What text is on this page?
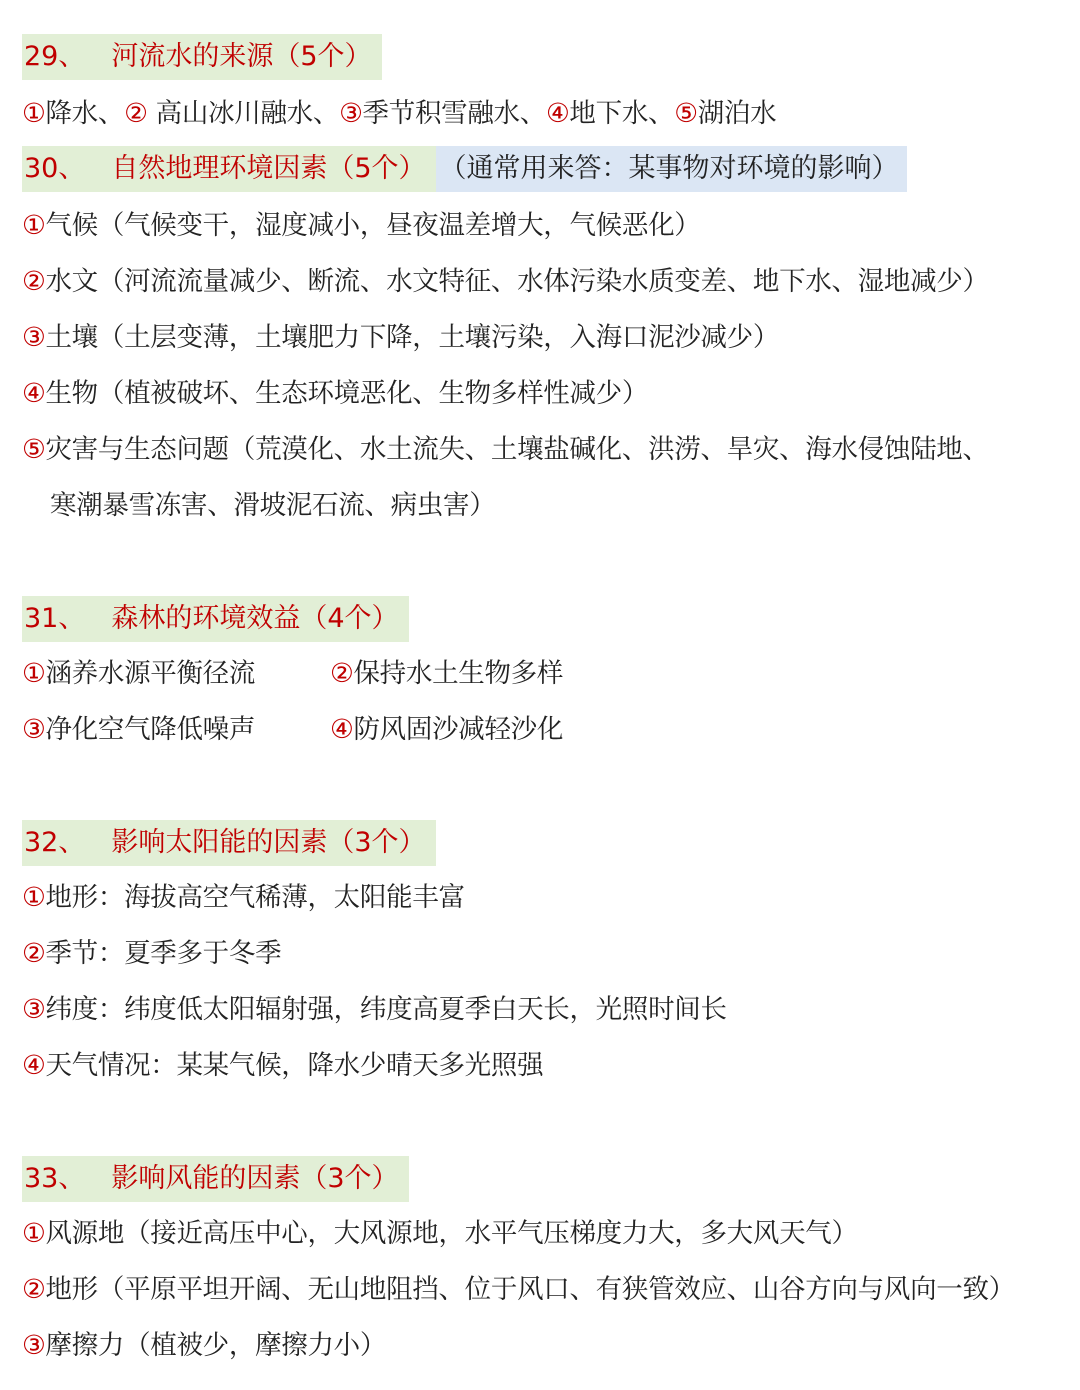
29、 河流水的来源（5个）
①降水、② 高山冰川融水、③季节积雪融水、④地下水、⑤湖泊水
30、 自然地理环境因素（5个） （通常用来答：某事物对环境的影响）
①气候（气候变干，湿度减小，昼夜温差增大，气候恶化）
②水文（河流流量减少、断流、水文特征、水体污染水质变差、地下水、湿地减少）
③土壤（土层变薄，土壤肥力下降，土壤污染，入海口泥沙减少）
④生物（植被破坏、生态环境恶化、生物多样性减少）
⑤灾害与生态问题（荒漠化、水土流失、土壤盐碱化、洪涝、旱灾、海水侵蚀陆地、
寒潮暴雪冻害、滑坡泥石流、病虫害）
31、 森林的环境效益（4个）
①涵养水源平衡径流	②保持水土生物多样
③净化空气降低噪声	④防风固沙减轻沙化
32、 影响太阳能的因素（3个）
①地形：海拔高空气稀薄，太阳能丰富
②季节：夏季多于冬季
③纬度：纬度低太阳辐射强，纬度高夏季白天长，光照时间长
④天气情况：某某气候，降水少晴天多光照强
33、 影响风能的因素（3个）
①风源地（接近高压中心，大风源地，水平气压梯度力大，多大风天气）
②地形（平原平坦开阔、无山地阻挡、位于风口、有狭管效应、山谷方向与风向一致）
③摩擦力（植被少，摩擦力小）
